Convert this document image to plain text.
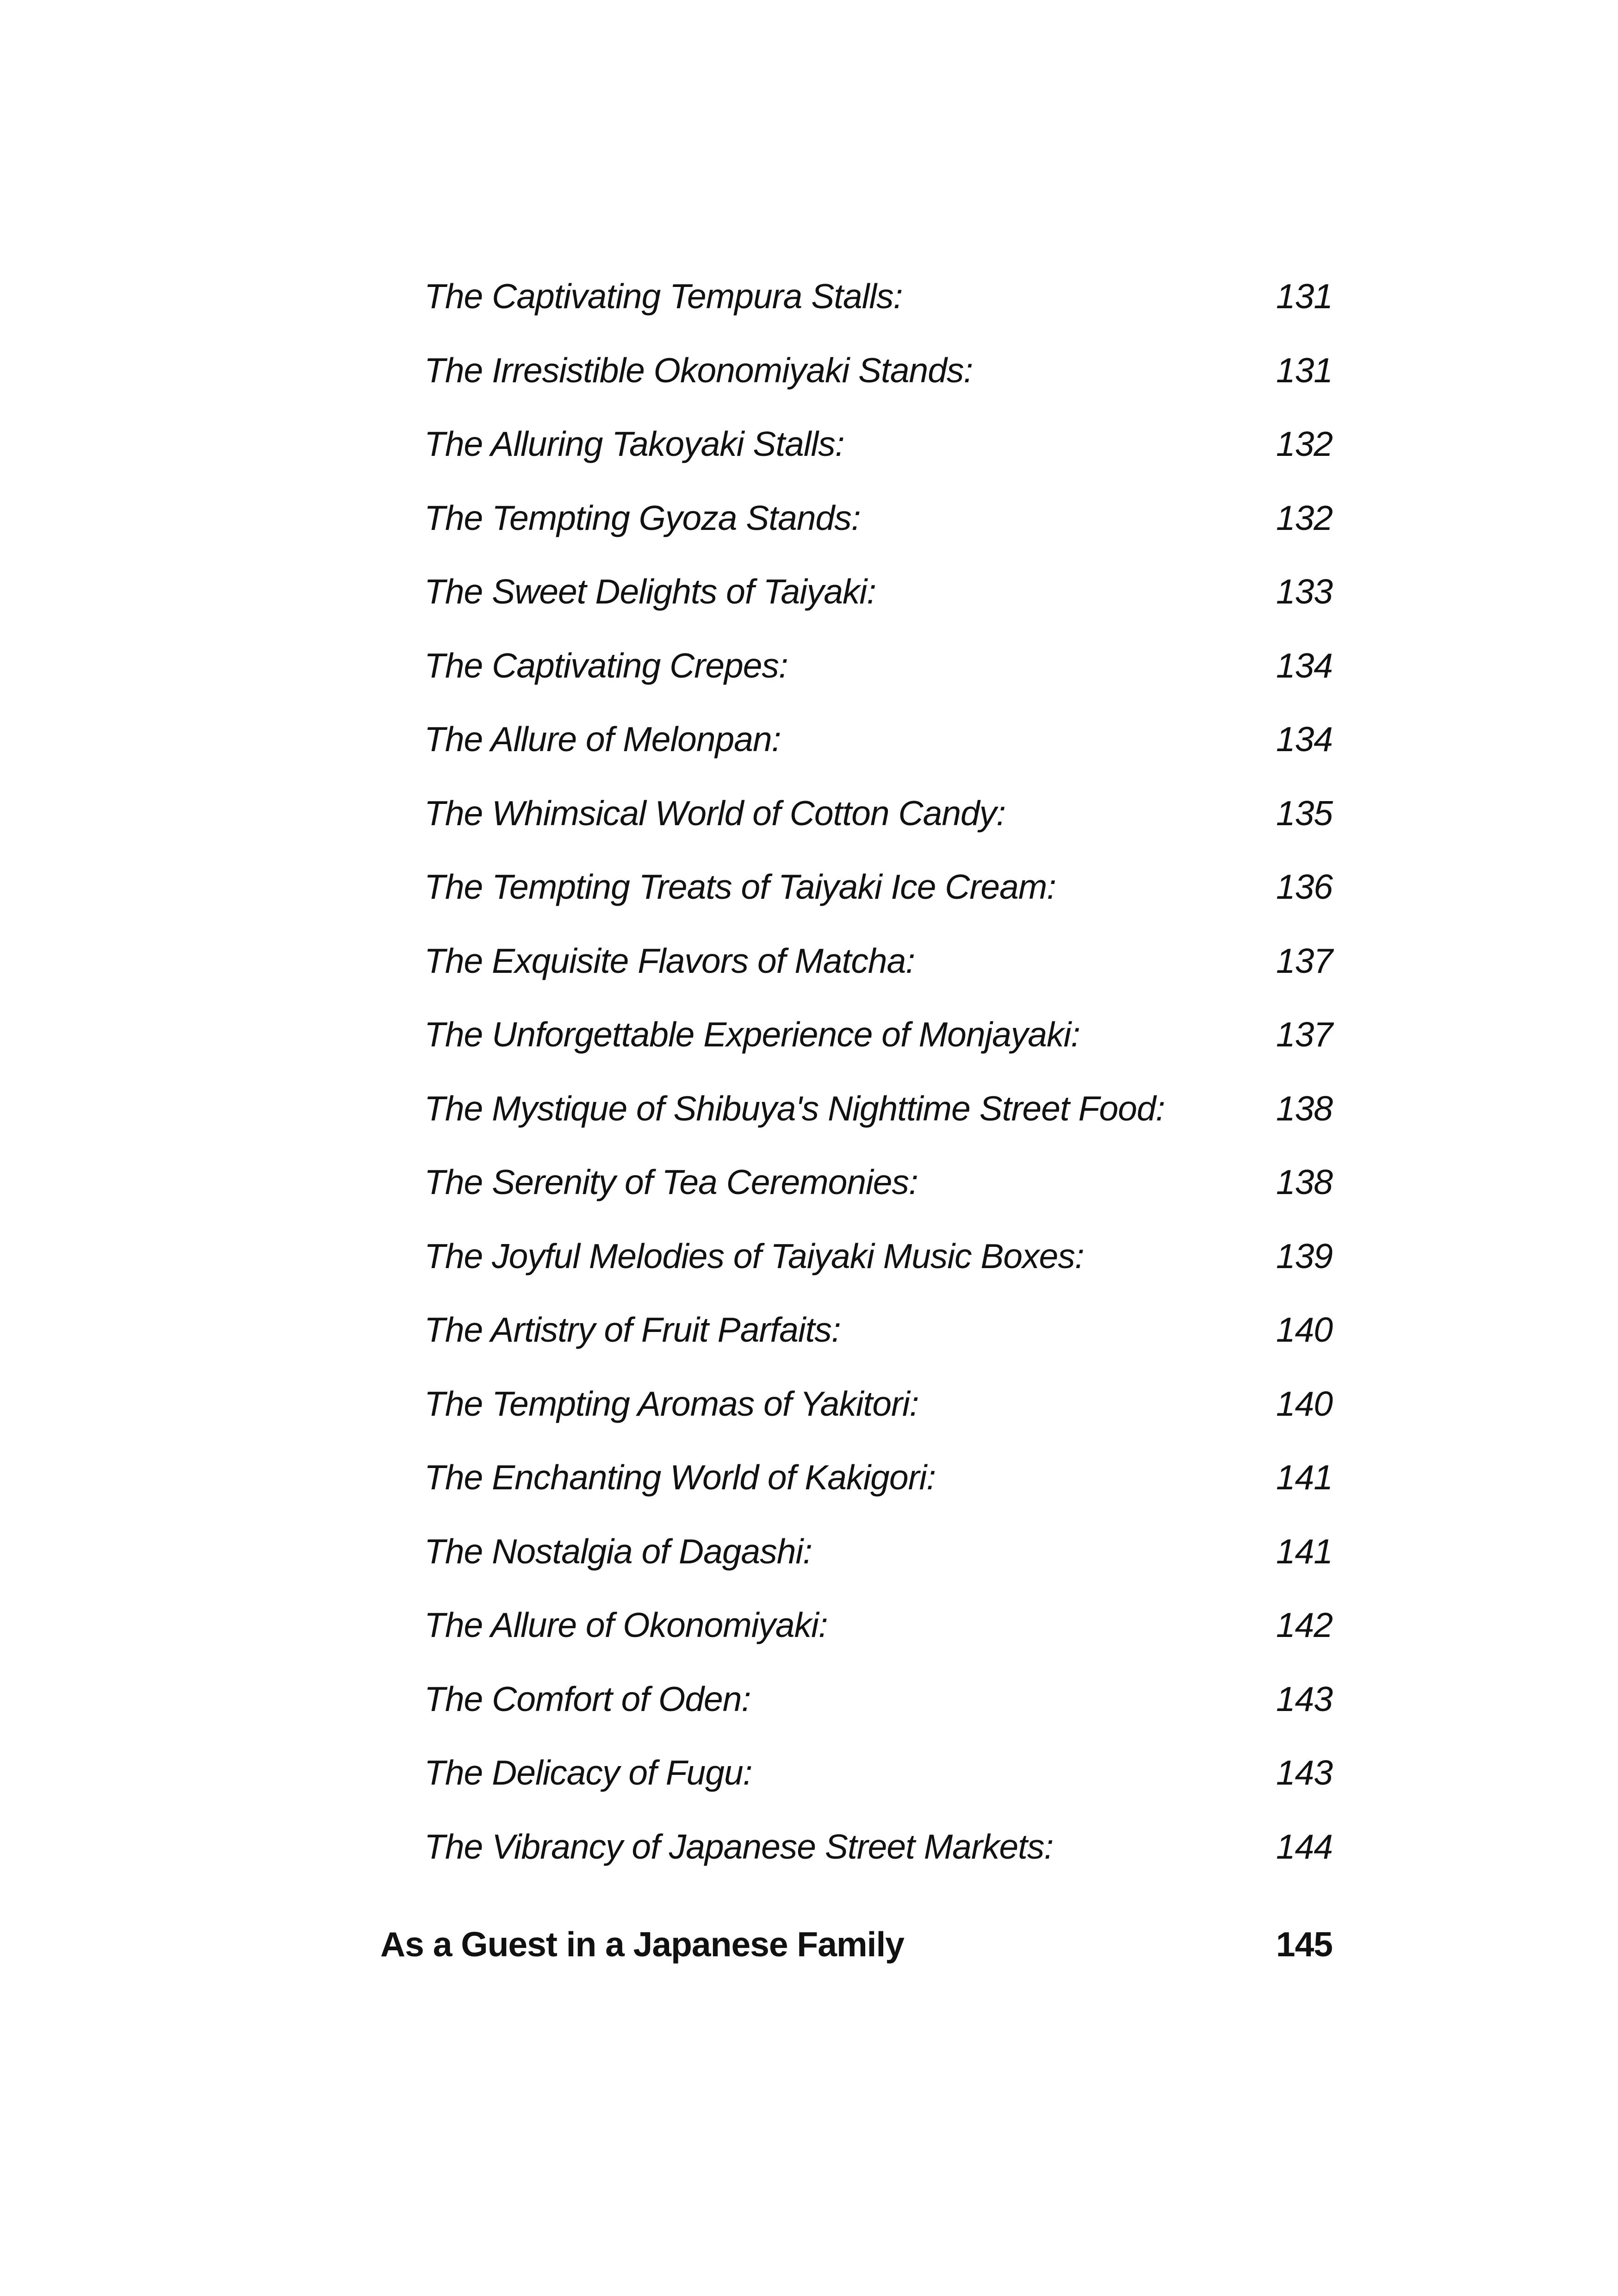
The Captivating Tempura Stalls:	131
The Irresistible Okonomiyaki Stands:	131
The Alluring Takoyaki Stalls:	132
The Tempting Gyoza Stands:	132
The Sweet Delights of Taiyaki:	133
The Captivating Crepes:	134
The Allure of Melonpan:	134
The Whimsical World of Cotton Candy:	135
The Tempting Treats of Taiyaki Ice Cream:	136
The Exquisite Flavors of Matcha:	137
The Unforgettable Experience of Monjayaki:	137
The Mystique of Shibuya's Nighttime Street Food:	138
The Serenity of Tea Ceremonies:	138
The Joyful Melodies of Taiyaki Music Boxes:	139
The Artistry of Fruit Parfaits:	140
The Tempting Aromas of Yakitori:	140
The Enchanting World of Kakigori:	141
The Nostalgia of Dagashi:	141
The Allure of Okonomiyaki:	142
The Comfort of Oden:	143
The Delicacy of Fugu:	143
The Vibrancy of Japanese Street Markets:	144
As a Guest in a Japanese Family	145
